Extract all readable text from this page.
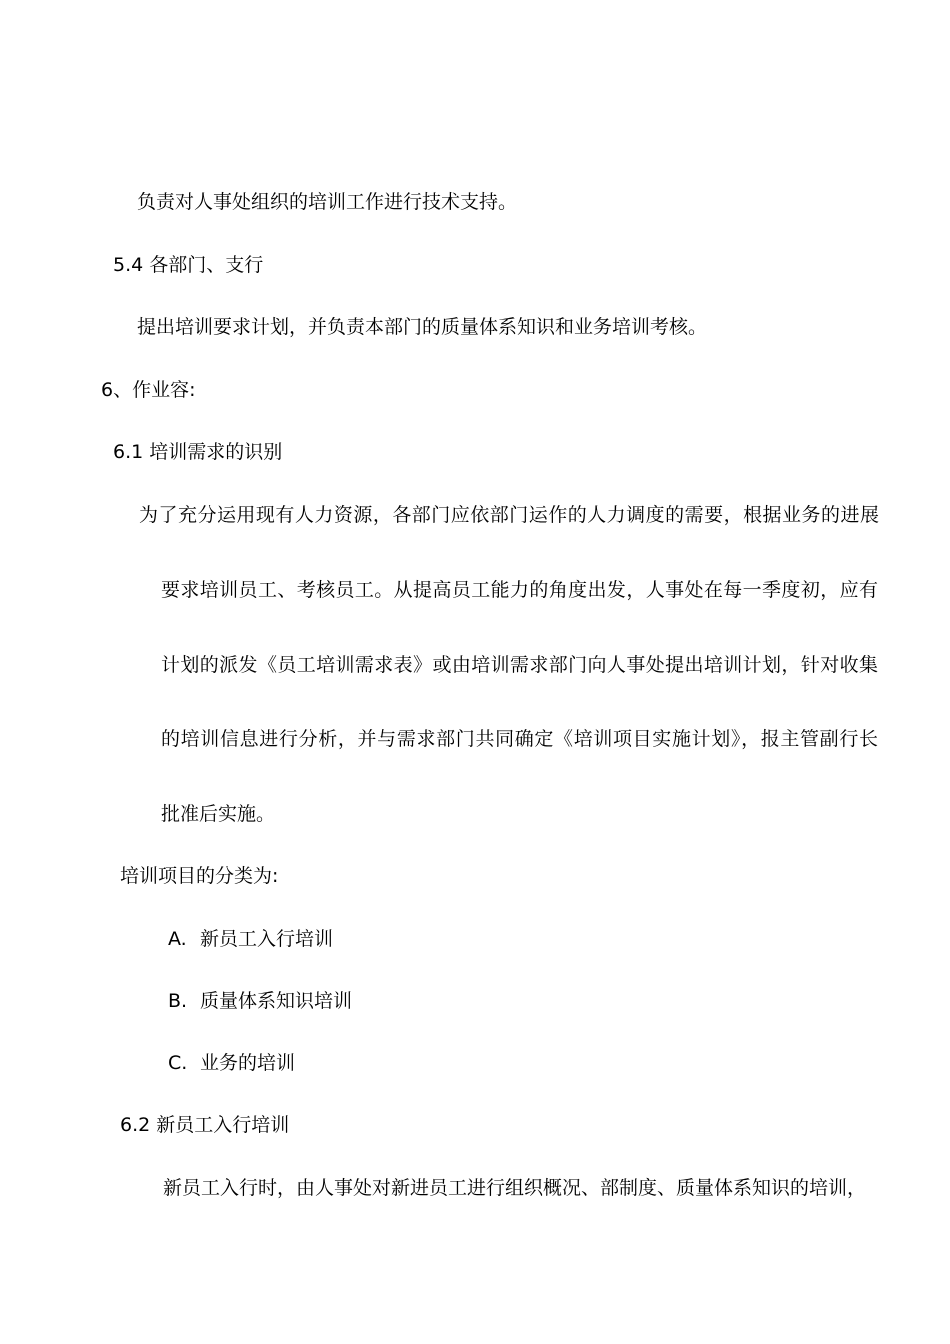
负责对人事处组织的培训工作进行技术支持。
5.4 各部门、支行
提出培训要求计划，并负责本部门的质量体系知识和业务培训考核。
6、作业容:
6.1 培训需求的识别
为了充分运用现有人力资源，各部门应依部门运作的人力调度的需要，根据业务的进展
要求培训员工、考核员工。从提高员工能力的角度出发，人事处在每一季度初，应有
计划的派发《员工培训需求表》或由培训需求部门向人事处提出培训计划，针对收集
的培训信息进行分析，并与需求部门共同确定《培训项目实施计划》，报主管副行长
批准后实施。
培训项目的分类为:
A. 新员工入行培训
B. 质量体系知识培训
C. 业务的培训
6.2 新员工入行培训
新员工入行时，由人事处对新进员工进行组织概况、部制度、质量体系知识的培训，
